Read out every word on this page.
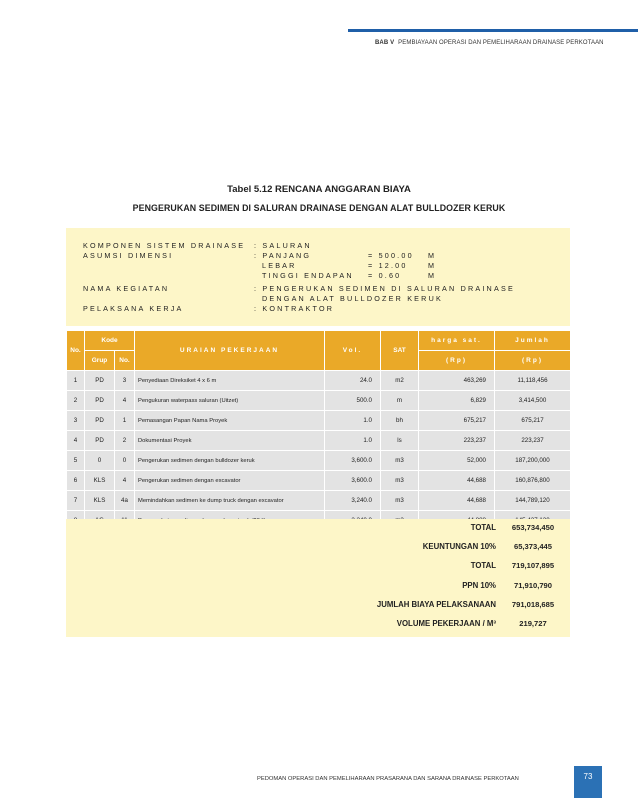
BAB V PEMBIAYAAN OPERASI DAN PEMELIHARAAN DRAINASE PERKOTAAN
Tabel 5.12 RENCANA ANGGARAN BIAYA
PENGERUKAN SEDIMEN DI SALURAN DRAINASE DENGAN ALAT BULLDOZER KERUK
KOMPONEN SISTEM DRAINASE : SALURAN
ASUMSI DIMENSI	: PANJANG	= 500.00 M
LEBAR	= 12.00	M
TINGGI ENDAPAN = 0.60	M
NAMA KEGIATAN	: PENGERUKAN SEDIMEN DI SALURAN DRAINASE
DENGAN ALAT BULLDOZER KERUK
PELAKSANA KERJA	: KONTRAKTOR
No.	Kode		URAIAN PEKERJAAN	Vol.	SAT	harga sat.	Jumlah
	Grup	No.				(Rp)	(Rp)
1	PD	3	Penyediaan Direksiket 4 x 6 m	24.0	m2	463,269	11,118,456
2	PD	4	Pengukuran waterpass saluran (Uitzet)	500.0	m	6,829	3,414,500
3	PD	1	Pemasangan Papan Nama Proyek	1.0	bh	675,217	675,217
4	PD	2	Dokumentasi Proyek	1.0	ls	223,237	223,237
5	0	0	Pengerukan sedimen dengan bulldozer keruk	3,600.0	m3	52,000	187,200,000
6	KLS	4	Pengerukan sedimen dengan excavator	3,600.0	m3	44,688	160,876,800
7	KLS	4a	Memindahkan sedimen ke dump truck dengan excavator	3,240.0	m3	44,688	144,789,120

TOTAL	653,734,450
KEUNTUNGAN 10%	65,373,445
TOTAL	719,107,895
PPN 10%	71,910,790
JUMLAH BIAYA PELAKSANAAN	791,018,685
VOLUME PEKERJAAN / M³	219,727
PEDOMAN OPERASI DAN PEMELIHARAAN PRASARANA DAN SARANA DRAINASE PERKOTAAN	73
